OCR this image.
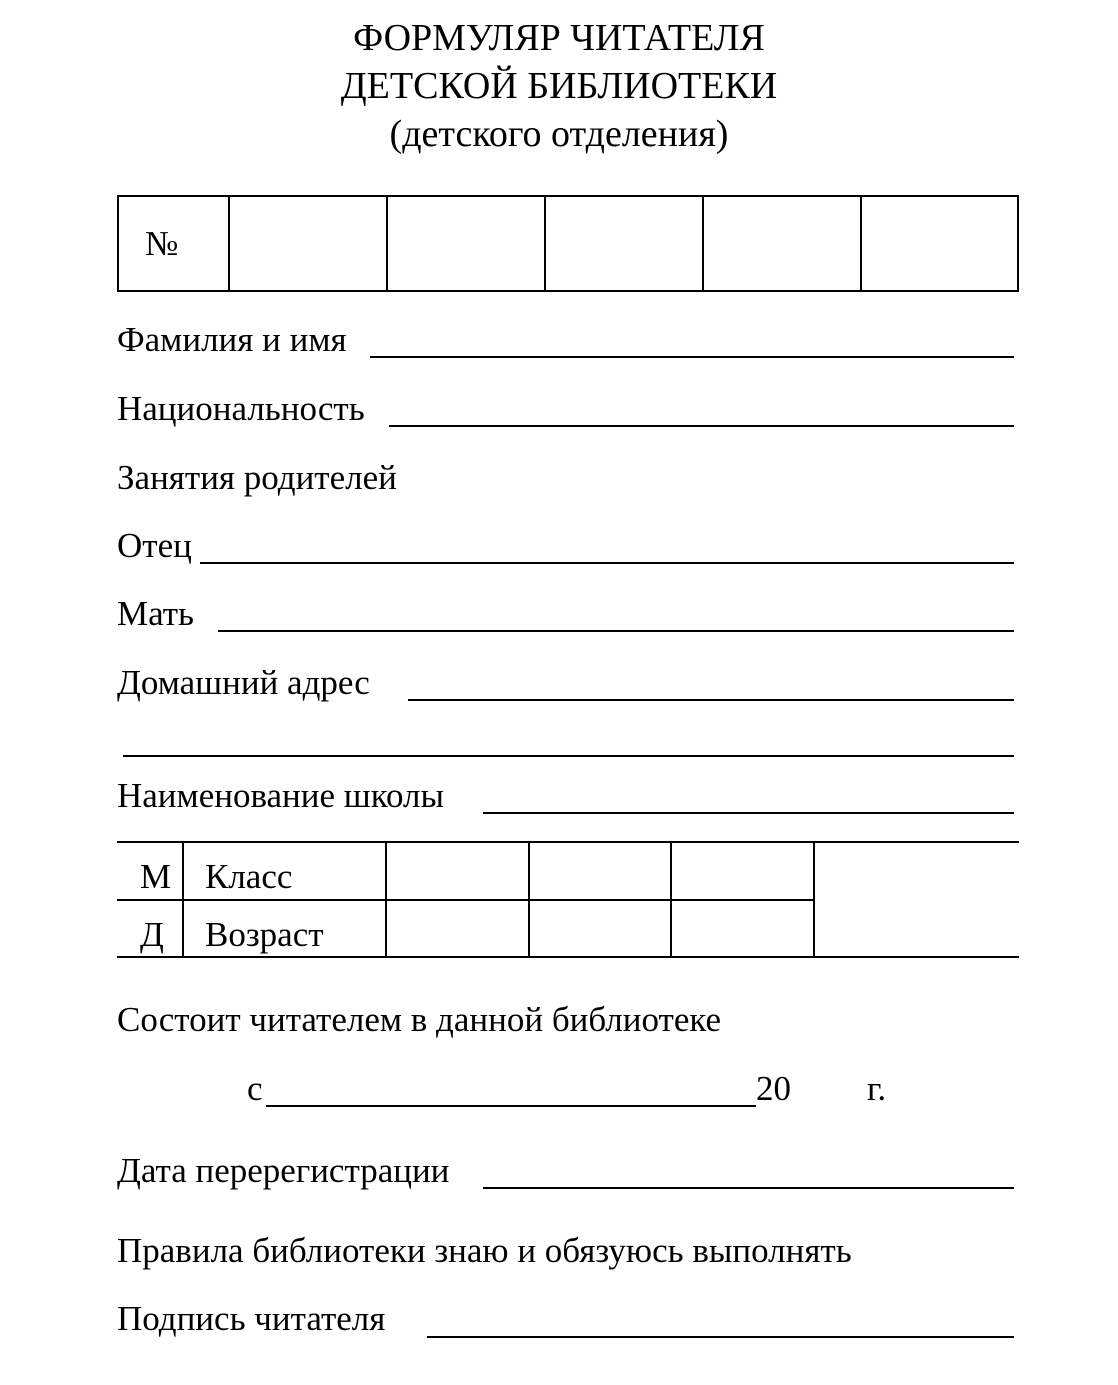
ФОРМУЛЯР ЧИТАТЕЛЯ
ДЕТСКОЙ БИБЛИОТЕКИ
(детского отделения)
№
Фамилия и имя
Национальность
Занятия родителей
Отец
Мать
Домашний адрес
Наименование школы
М
Д
Класс
Возраст
Состоит читателем в данной библиотеке
с	20 г.
Дата перерегистрации
Правила библиотеки знаю и обязуюсь выполнять
Подпись читателя
